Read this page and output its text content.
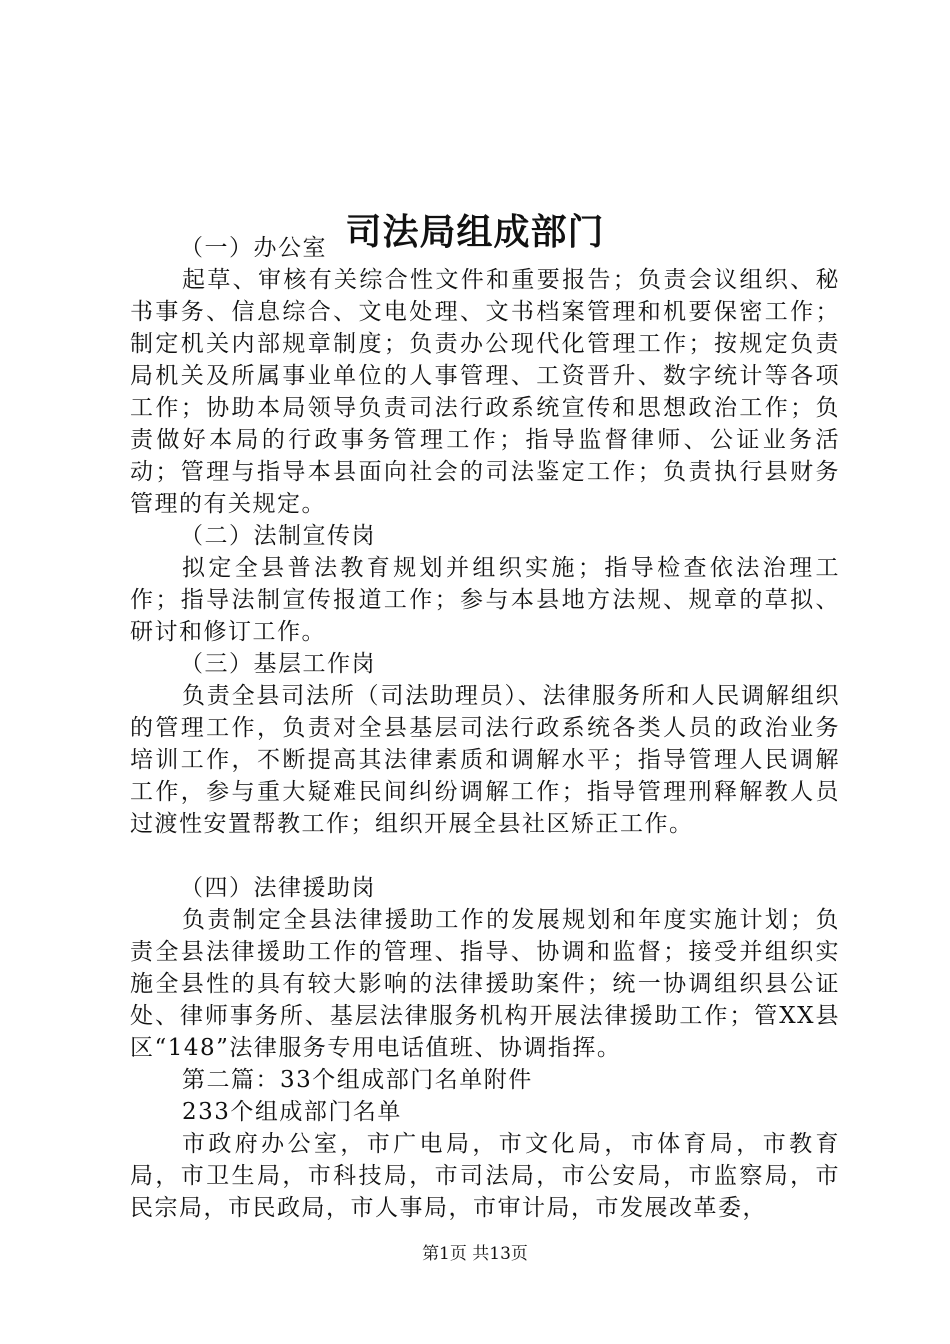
司法局组成部门

（一）办公室

起草、审核有关综合性文件和重要报告；负责会议组织、秘书事务、信息综合、文电处理、文书档案管理和机要保密工作；制定机关内部规章制度；负责办公现代化管理工作；按规定负责局机关及所属事业单位的人事管理、工资晋升、数字统计等各项工作；协助本局领导负责司法行政系统宣传和思想政治工作；负责做好本局的行政事务管理工作；指导监督律师、公证业务活动；管理与指导本县面向社会的司法鉴定工作；负责执行县财务管理的有关规定。

（二）法制宣传岗

拟定全县普法教育规划并组织实施；指导检查依法治理工作；指导法制宣传报道工作；参与本县地方法规、规章的草拟、研讨和修订工作。

（三）基层工作岗

负责全县司法所（司法助理员）、法律服务所和人民调解组织的管理工作，负责对全县基层司法行政系统各类人员的政治业务培训工作，不断提高其法律素质和调解水平；指导管理人民调解工作，参与重大疑难民间纠纷调解工作；指导管理刑释解教人员过渡性安置帮教工作；组织开展全县社区矫正工作。

（四）法律援助岗

负责制定全县法律援助工作的发展规划和年度实施计划；负责全县法律援助工作的管理、指导、协调和监督；接受并组织实施全县性的具有较大影响的法律援助案件；统一协调组织县公证处、律师事务所、基层法律服务机构开展法律援助工作；管XX县区“148”法律服务专用电话值班、协调指挥。

第二篇：33个组成部门名单附件

233个组成部门名单

市政府办公室，市广电局，市文化局，市体育局，市教育局，市卫生局，市科技局，市司法局，市公安局，市监察局，市民宗局，市民政局，市人事局，市审计局，市发展改革委，

第1页 共13页
